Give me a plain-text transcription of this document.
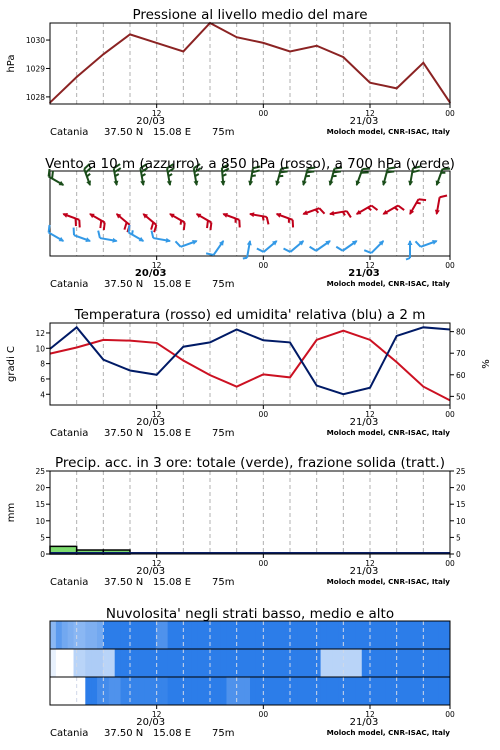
12	00	12	00
1028
1029
1030
hPa
Pressione al livello medio del mare
20/03	21/03
Catania 37.50 N 15.08 E 75m	Moloch model, CNR-ISAC, Italy
12	00	12	00
Vento a 10 m (azzurro), a 850 hPa (rosso), a 700 hPa (verde)
20/03	21/03
Catania 37.50 N 15.08 E 75m	Moloch model, CNR-ISAC, Italy
12	00	12	00
4
6
8
10
12
50
60
70
80
gradi C	%
Temperatura (rosso) ed umidita' relativa (blu) a 2 m
20/03	21/03
Catania 37.50 N 15.08 E 75m	Moloch model, CNR-ISAC, Italy
12	00	12	00
0	0
5	5
10	10
15	15
20	20
25	25
mm
Precip. acc. in 3 ore: totale (verde), frazione solida (tratt.)
20/03	21/03
Catania 37.50 N 15.08 E 75m	Moloch model, CNR-ISAC, Italy
12	00	12	00
Nuvolosita' negli strati basso, medio e alto
20/03	21/03
Catania 37.50 N 15.08 E 75m	Moloch model, CNR-ISAC, Italy
